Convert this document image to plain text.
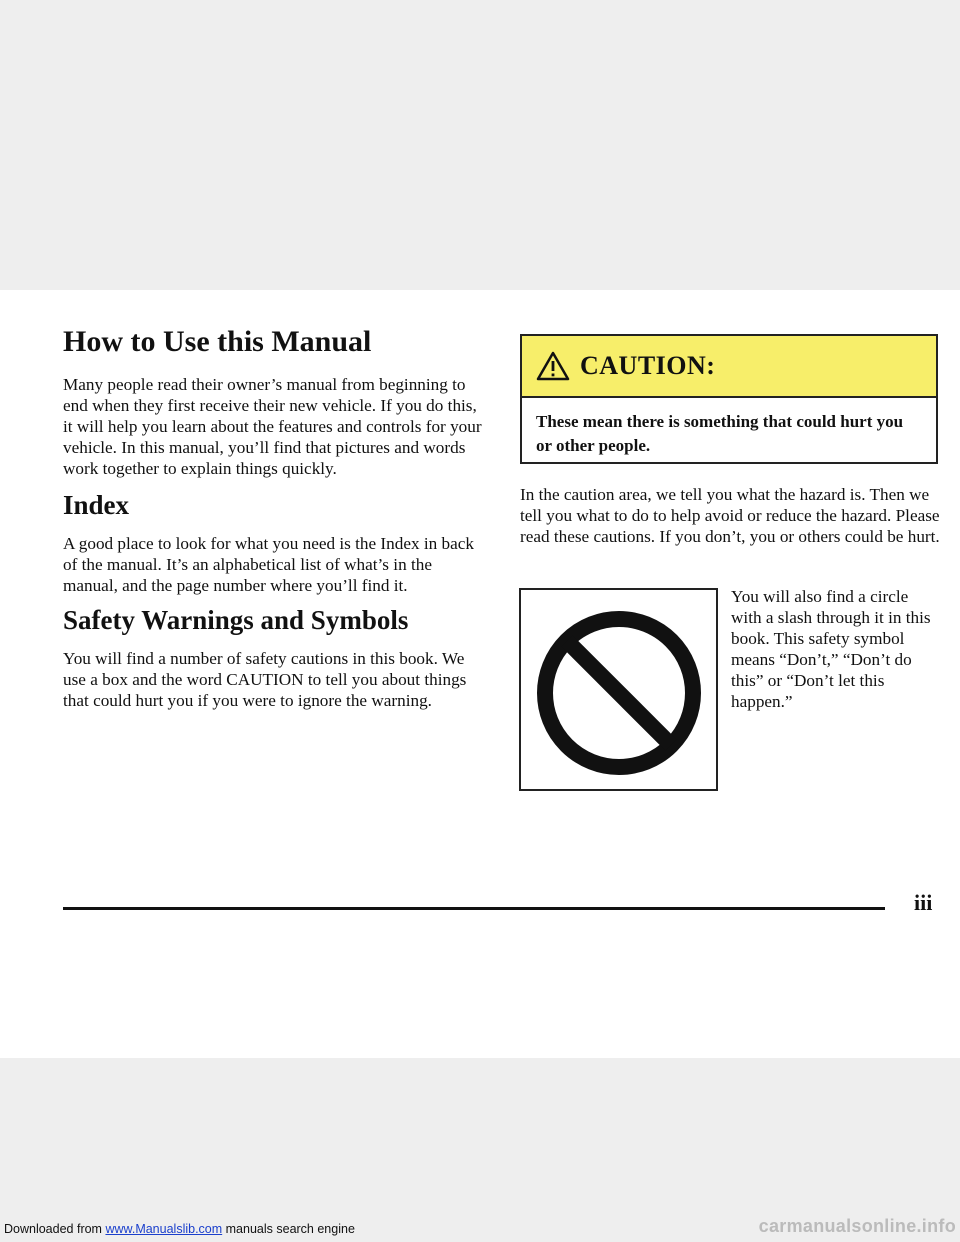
How to Use this Manual

Many people read their owner’s manual from beginning to end when they first receive their new vehicle. If you do this, it will help you learn about the features and controls for your vehicle. In this manual, you’ll find that pictures and words work together to explain things quickly.

Index

A good place to look for what you need is the Index in back of the manual. It’s an alphabetical list of what’s in the manual, and the page number where you’ll find it.

Safety Warnings and Symbols

You will find a number of safety cautions in this book. We use a box and the word CAUTION to tell you about things that could hurt you if you were to ignore the warning.

CAUTION:
These mean there is something that could hurt you or other people.

In the caution area, we tell you what the hazard is. Then we tell you what to do to help avoid or reduce the hazard. Please read these cautions. If you don’t, you or others could be hurt.

You will also find a circle with a slash through it in this book. This safety symbol means “Don’t,” “Don’t do this” or “Don’t let this happen.”

iii
Downloaded from www.Manualslib.com manuals search engine	carmanualsonline.info
